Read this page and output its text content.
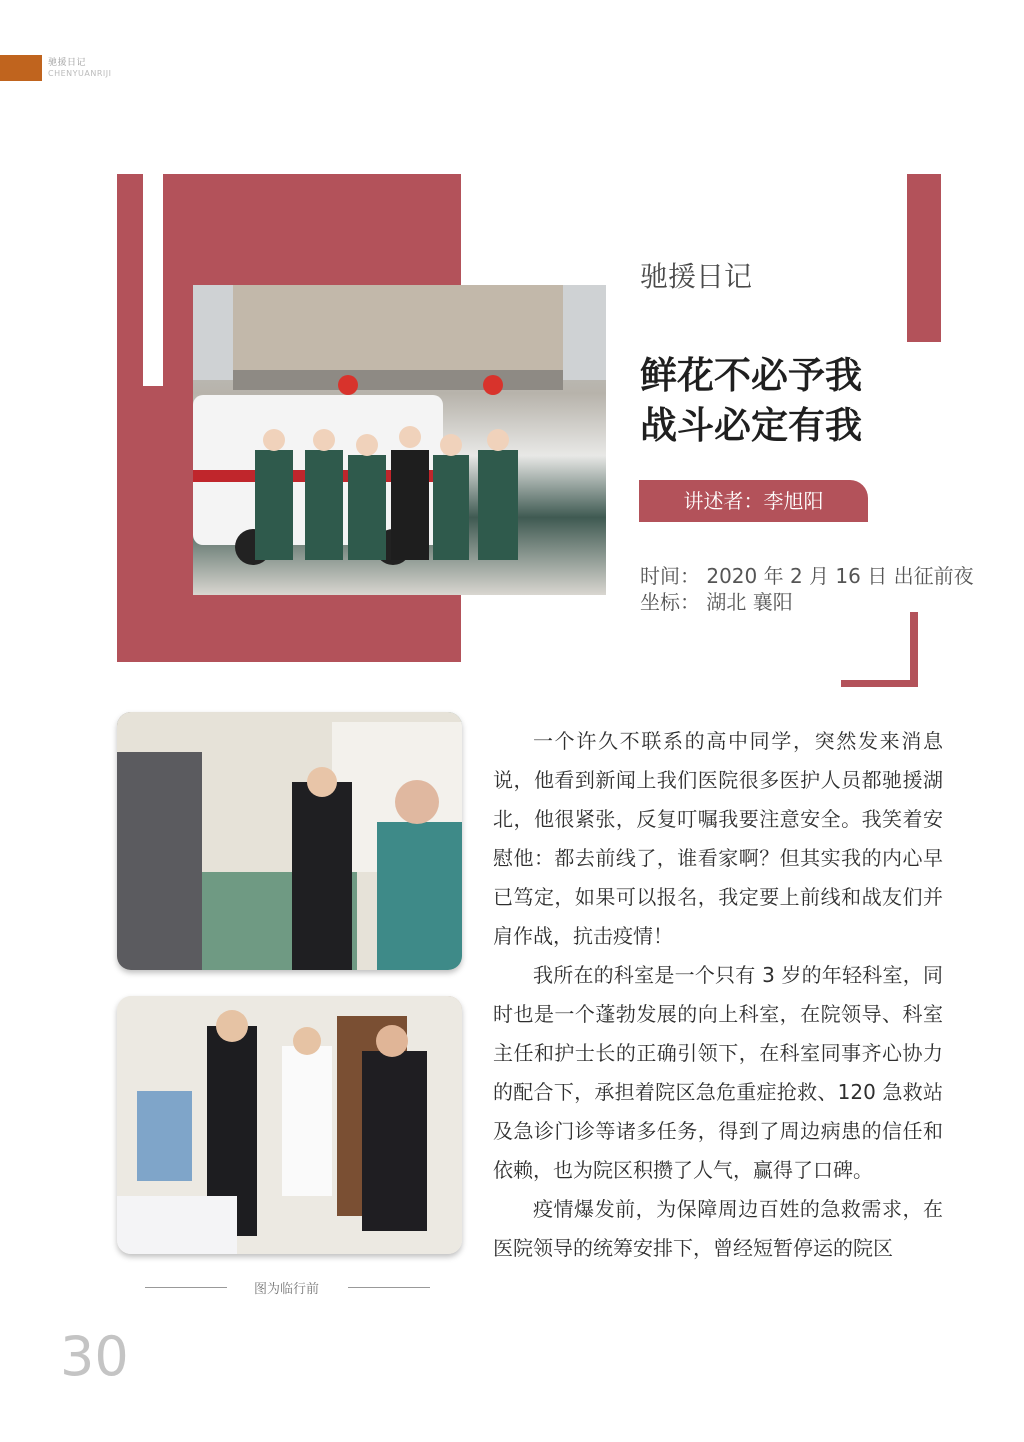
驰援日记
CHENYUANRIJI
驰援日记
鲜花不必予我
战斗必定有我
讲述者：李旭阳
时间： 2020 年 2 月 16 日 出征前夜
坐标： 湖北 襄阳

一个许久不联系的高中同学，突然发来消息说，他看到新闻上我们医院很多医护人员都驰援湖北，他很紧张，反复叮嘱我要注意安全。我笑着安慰他：都去前线了，谁看家啊？但其实我的内心早已笃定，如果可以报名，我定要上前线和战友们并肩作战，抗击疫情！

我所在的科室是一个只有 3 岁的年轻科室，同时也是一个蓬勃发展的向上科室，在院领导、科室主任和护士长的正确引领下，在科室同事齐心协力的配合下，承担着院区急危重症抢救、120 急救站及急诊门诊等诸多任务，得到了周边病患的信任和依赖，也为院区积攒了人气，赢得了口碑。

疫情爆发前，为保障周边百姓的急救需求，在医院领导的统筹安排下，曾经短暂停运的院区

图为临行前
30
